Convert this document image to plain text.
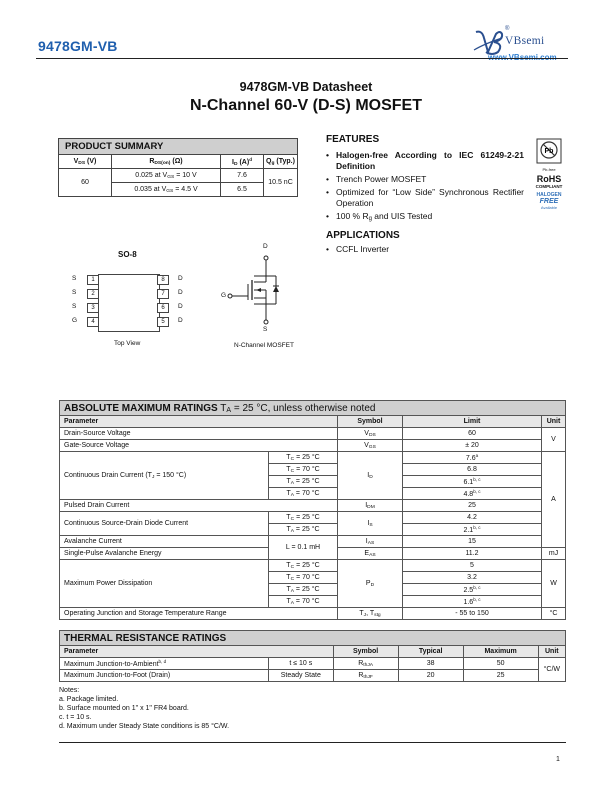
9478GM-VB
®
VBsemi
9478GM-VB Datasheet
N-Channel 60-V (D-S) MOSFET
PRODUCT SUMMARY			
$V_{DS}$ (V)	$R_{DS(on)}$ (Ω)	$I_D$ $(A)^d$	$Q_g$ (Typ.)
60	0.025 at $V_{GS} = 10$ V	7.6	10.5 nC
	0.035 at $V_{GS} = 4.5$ V	6.5	
FEATURES
• Halogen-free According to IEC 61249-2-21 Definition
• Trench Power MOSFET
• Optimized for “Low Side” Synchronous Rectifier Operation
• 100 % $R_g$ and UIS Tested
Pb
Pb-free
RoHS
COMPLIANT
HALOGEN
FREE
Available
APPLICATIONS
• CCFL Inverter
SO-8
1
2
3
4
8
7
6
5
S
S
S
G
D
D
D
D
Top View
D
G
S
N-Channel MOSFET
ABSOLUTE MAXIMUM RATINGS $T_A = 25$ °C, unless otherwise noted				
Parameter		Symbol	Limit	Unit
Drain-Source Voltage		$V_{DS}$	60	V
Gate-Source Voltage		$V_{GS}$	± 20	
Continuous Drain Current ($T_J = 150$ °C)	$T_C = 25$ °C	$I_D$	7.6$^a$	A
	$T_C = 70$ °C		6.8	
	$T_A = 25$ °C		6.1$^{b, c}$
	$T_A = 70$ °C		4.8$^{b, c}$
Pulsed Drain Current		$I_{DM}$	25	
Continuous Source-Drain Diode Current	$T_C = 25$ °C	$I_S$	4.2	
	$T_A = 25$ °C		2.1$^{b, c}$
Avalanche Current	L = 0.1 mH	$I_{AS}$	15	
Single-Pulse Avalanche Energy		$E_{AS}$	11.2	mJ
Maximum Power Dissipation	$T_C = 25$ °C	$P_D$	5	W
	$T_C = 70$ °C		3.2	
	$T_A = 25$ °C		2.5$^{b, c}$
	$T_A = 70$ °C		1.6$^{b, c}$
Operating Junction and Storage Temperature Range		$T_J$, $T_{stg}$	- 55 to 150	°C
THERMAL RESISTANCE RATINGS					
Parameter		Symbol	Typical	Maximum	Unit
Maximum Junction-to-Ambient$^{b, d}$	t ≤ 10 s	$R_{thJA}$	38	50	°C/W
Maximum Junction-to-Foot (Drain)	Steady State	$R_{thJF}$	20	25	
Notes:
a. Package limited.
b. Surface mounted on 1" x 1" FR4 board.
c. t = 10 s.
d. Maximum under Steady State conditions is 85 °C/W.
1
